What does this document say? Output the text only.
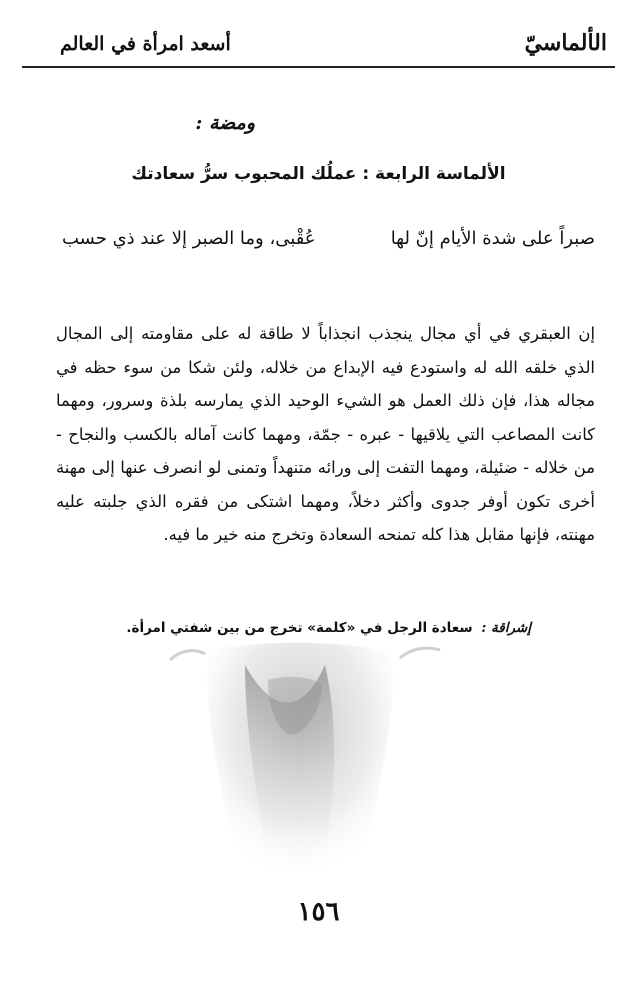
الألماسيّ
أسعد امرأة في العالم
ومضة :
الألماسة الرابعة : عملُك المحبوب سرُّ سعادتك
صبراً على شدة الأيام إنّ لها
عُقْبى، وما الصبر إلا عند ذي حسب

إن العبقري في أي مجال ينجذب انجذاباً لا طاقة له على مقاومته إلى المجال الذي خلقه الله له واستودع فيه الإبداع من خلاله، ولئن شكا من سوء حظه في مجاله هذا، فإن ذلك العمل هو الشيء الوحيد الذي يمارسه بلذة وسرور، ومهما كانت المصاعب التي يلاقيها - عبره - جمّة، ومهما كانت آماله بالكسب والنجاح - من خلاله - ضئيلة، ومهما التفت إلى ورائه متنهداً وتمنى لو انصرف عنها إلى مهنة أخرى تكون أوفر جدوى وأكثر دخلاً، ومهما اشتكى من فقره الذي جلبته عليه مهنته، فإنها مقابل هذا كله تمنحه السعادة وتخرج منه خير ما فيه.

إشراقة : سعادة الرجل في «كلمة» تخرج من بين شفتي امرأة.
١٥٦
